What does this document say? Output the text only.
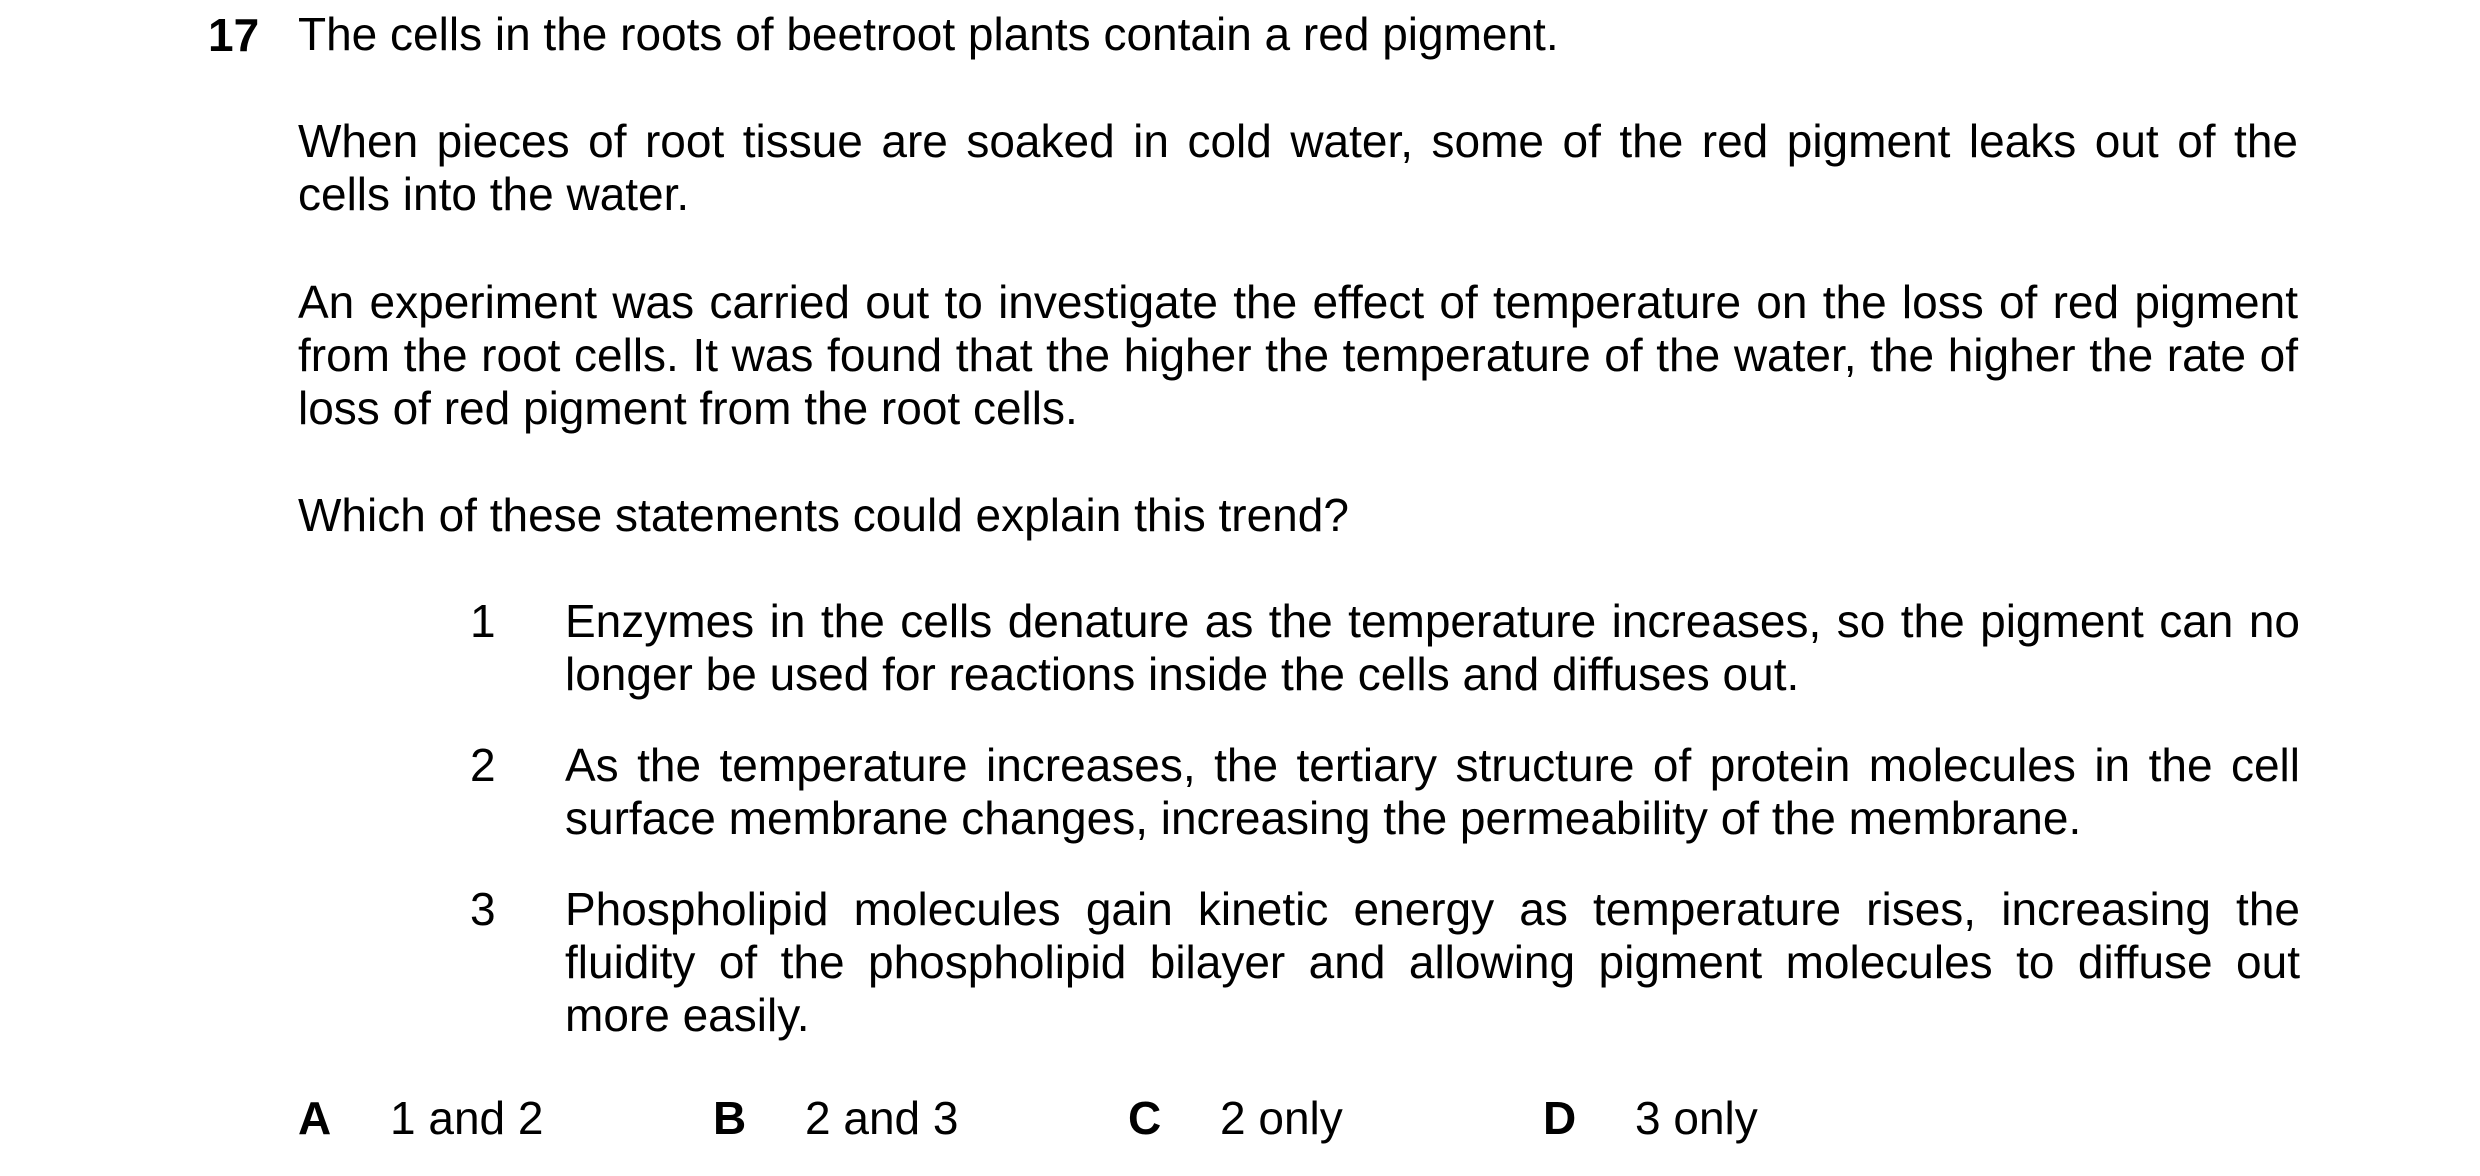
17 The cells in the roots of beetroot plants contain a red pigment.
When pieces of root tissue are soaked in cold water, some of the red pigment leaks out of the cells into the water.
An experiment was carried out to investigate the effect of temperature on the loss of red pigment from the root cells. It was found that the higher the temperature of the water, the higher the rate of loss of red pigment from the root cells.
Which of these statements could explain this trend?
1	Enzymes in the cells denature as the temperature increases, so the pigment can no longer be used for reactions inside the cells and diffuses out.
2	As the temperature increases, the tertiary structure of protein molecules in the cell surface membrane changes, increasing the permeability of the membrane.
3	Phospholipid molecules gain kinetic energy as temperature rises, increasing the fluidity of the phospholipid bilayer and allowing pigment molecules to diffuse out more easily.
A 1 and 2	B 2 and 3	C 2 only	D 3 only
